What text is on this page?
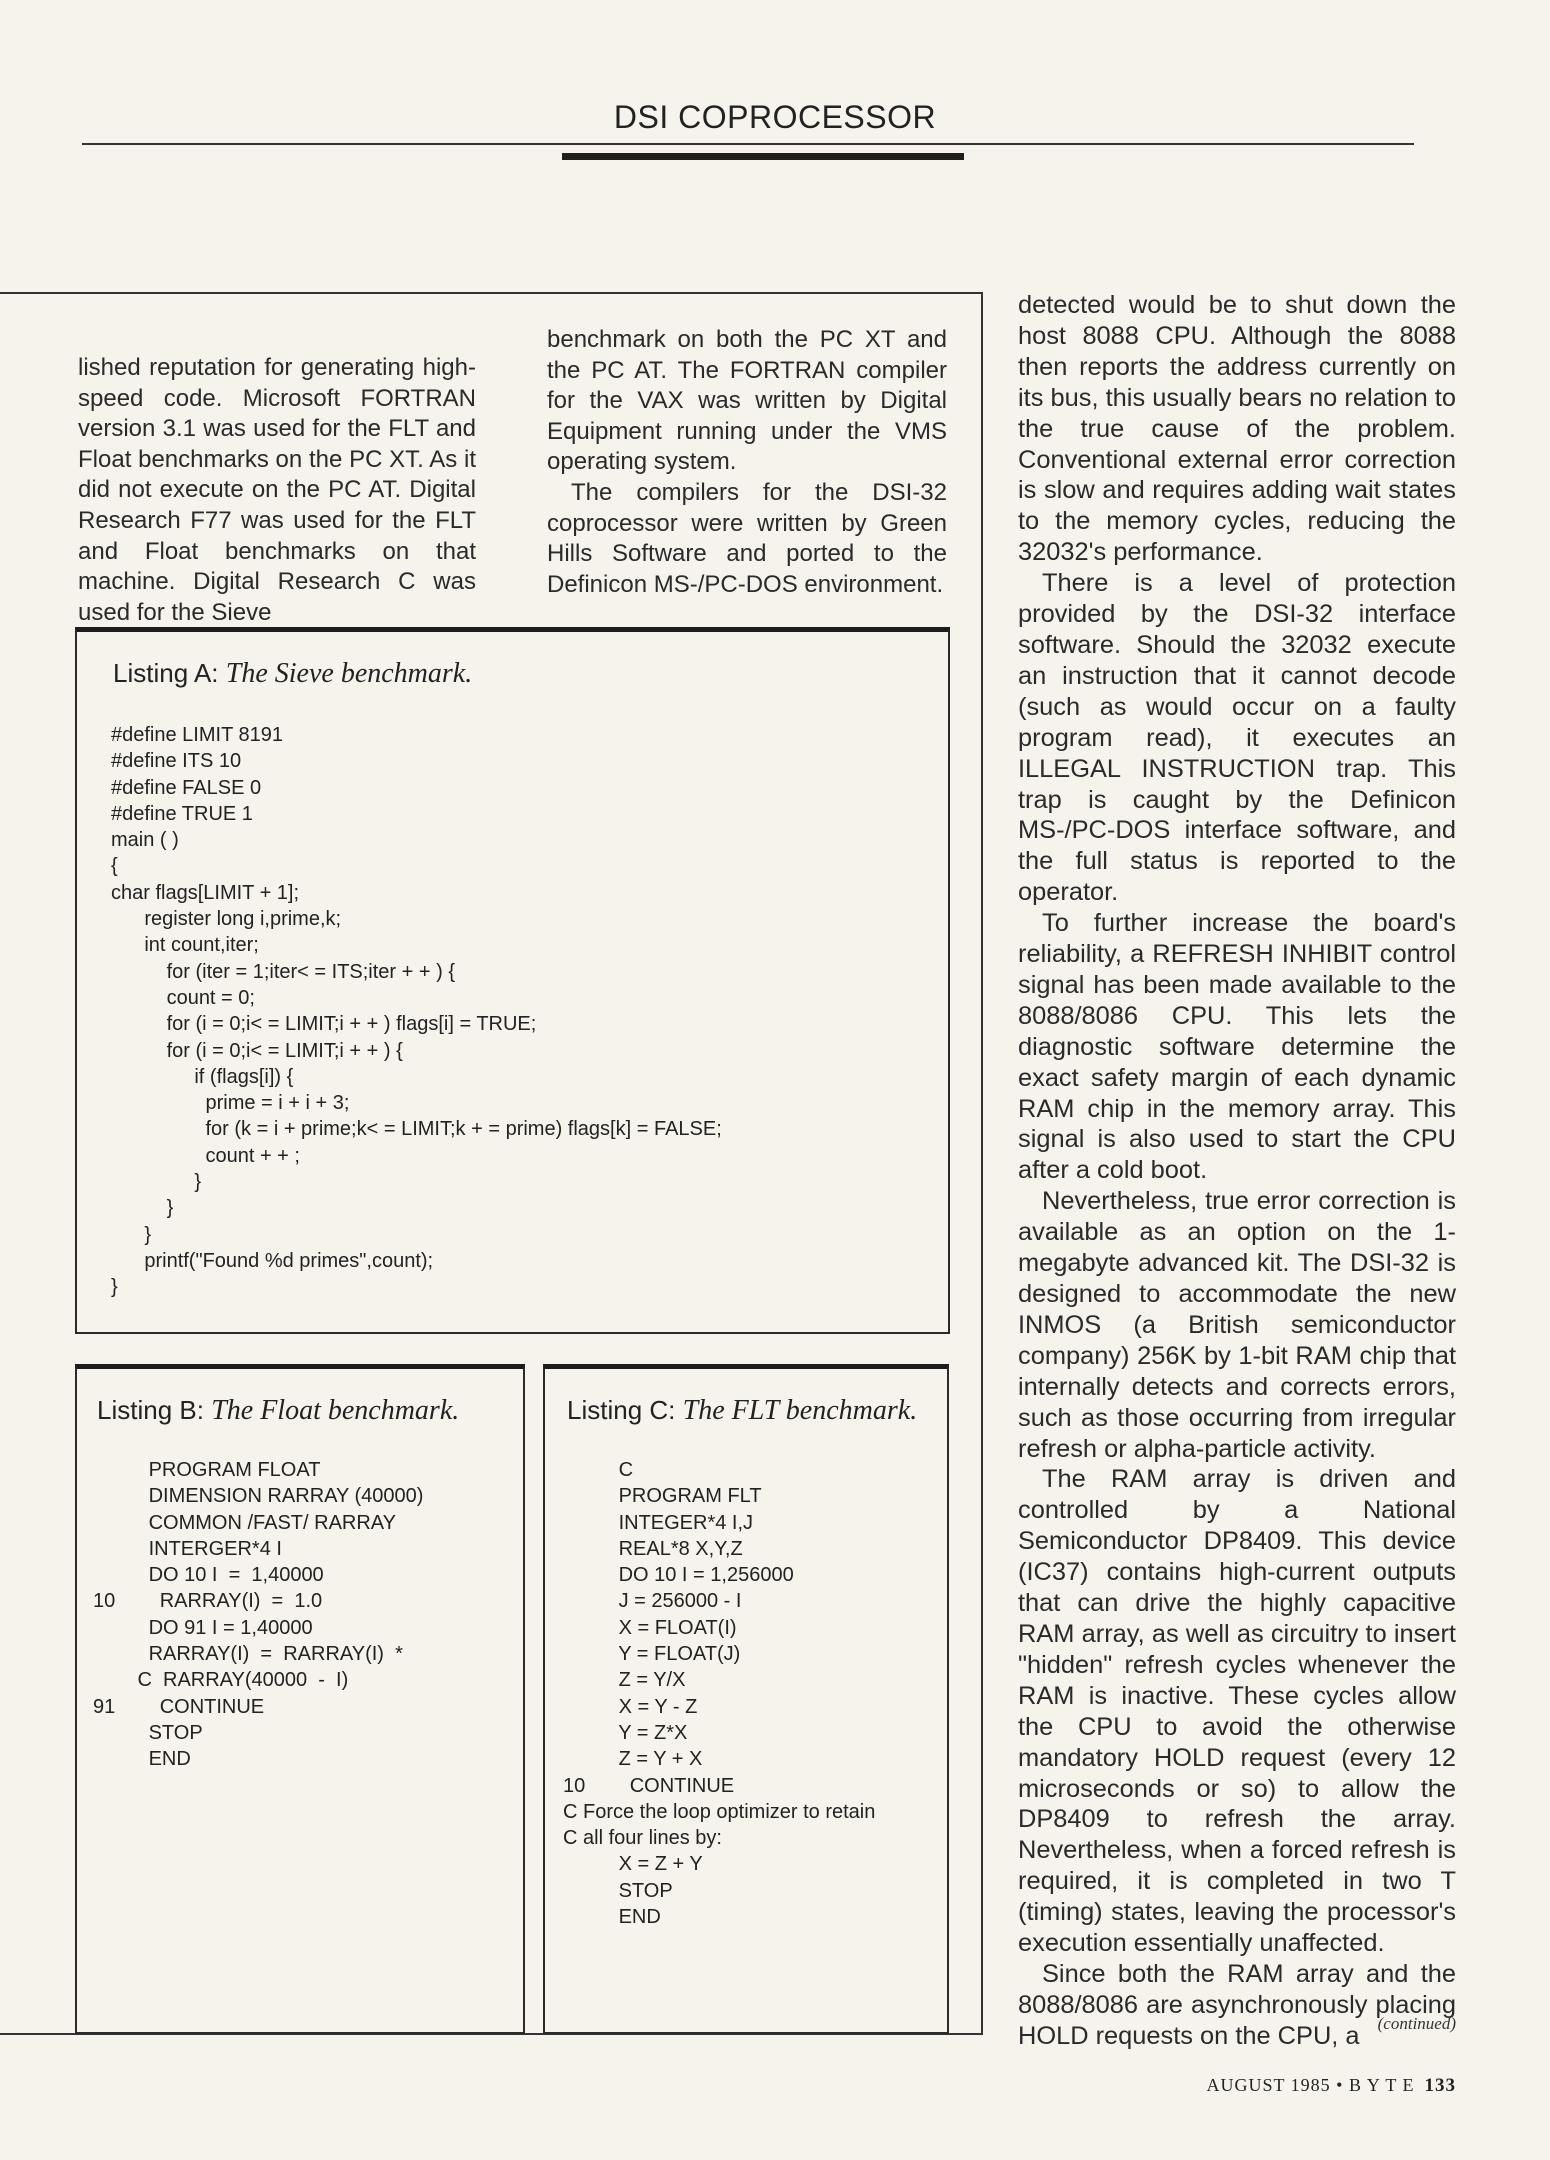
DSI COPROCESSOR

lished reputation for generating high-speed code. Microsoft FORTRAN version 3.1 was used for the FLT and Float benchmarks on the PC XT. As it did not execute on the PC AT. Digital Research F77 was used for the FLT and Float benchmarks on that machine. Digital Research C was used for the Sieve

benchmark on both the PC XT and the PC AT. The FORTRAN compiler for the VAX was written by Digital Equipment running under the VMS operating system.

The compilers for the DSI-32 coprocessor were written by Green Hills Software and ported to the Definicon MS-/PC-DOS environment.

detected would be to shut down the host 8088 CPU. Although the 8088 then reports the address currently on its bus, this usually bears no relation to the true cause of the problem. Conventional external error correction is slow and requires adding wait states to the memory cycles, reducing the 32032's performance.

There is a level of protection provided by the DSI-32 interface software. Should the 32032 execute an instruction that it cannot decode (such as would occur on a faulty program read), it executes an ILLEGAL INSTRUCTION trap. This trap is caught by the Definicon MS-/PC-DOS interface software, and the full status is reported to the operator.

To further increase the board's reliability, a REFRESH INHIBIT control signal has been made available to the 8088/8086 CPU. This lets the diagnostic software determine the exact safety margin of each dynamic RAM chip in the memory array. This signal is also used to start the CPU after a cold boot.

Nevertheless, true error correction is available as an option on the 1-megabyte advanced kit. The DSI-32 is designed to accommodate the new INMOS (a British semiconductor company) 256K by 1-bit RAM chip that internally detects and corrects errors, such as those occurring from irregular refresh or alpha-particle activity.

The RAM array is driven and controlled by a National Semiconductor DP8409. This device (IC37) contains high-current outputs that can drive the highly capacitive RAM array, as well as circuitry to insert "hidden" refresh cycles whenever the RAM is inactive. These cycles allow the CPU to avoid the otherwise mandatory HOLD request (every 12 microseconds or so) to allow the DP8409 to refresh the array. Nevertheless, when a forced refresh is required, it is completed in two T (timing) states, leaving the processor's execution essentially unaffected.

Since both the RAM array and the 8088/8086 are asynchronously placing HOLD requests on the CPU, a	(continued)
Listing A: The Sieve benchmark.
#define LIMIT 8191
#define ITS 10
#define FALSE 0
#define TRUE 1
main ( )
{
char flags[LIMIT + 1];
register long i,prime,k;
int count,iter;
for (iter = 1;iter< = ITS;iter + + ) {
count = 0;
for (i = 0;i< = LIMIT;i + + ) flags[i] = TRUE;
for (i = 0;i< = LIMIT;i + + ) {
if (flags[i]) {
prime = i + i + 3;
for (k = i + prime;k< = LIMIT;k + = prime) flags[k] = FALSE;
count + + ;
}
}
}
printf("Found %d primes",count);
}
Listing B: The Float benchmark.
PROGRAM FLOAT
DIMENSION RARRAY (40000)
COMMON /FAST/ RARRAY
INTERGER*4 I
DO 10 I  =  1,40000
10        RARRAY(I)  =  1.0
DO 91 I = 1,40000
RARRAY(I)  =  RARRAY(I)  *
C  RARRAY(40000  -  I)
91        CONTINUE
STOP
END
Listing C: The FLT benchmark.
C
PROGRAM FLT
INTEGER*4 I,J
REAL*8 X,Y,Z
DO 10 I = 1,256000
J = 256000 - I
X = FLOAT(I)
Y = FLOAT(J)
Z = Y/X
X = Y - Z
Y = Z*X
Z = Y + X
10        CONTINUE
C Force the loop optimizer to retain
C all four lines by:
X = Z + Y
STOP
END
AUGUST 1985 • B Y T E 133
